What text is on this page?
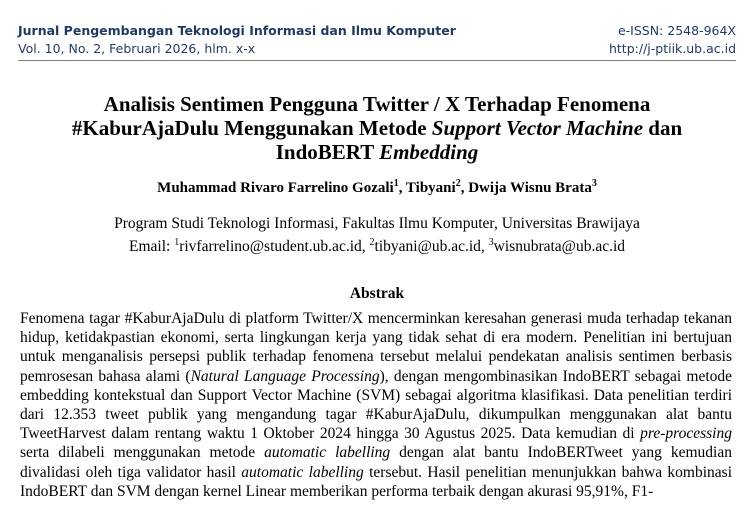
Jurnal Pengembangan Teknologi Informasi dan Ilmu Komputer	e-ISSN: 2548-964X
Vol. 10, No. 2, Februari 2026, hlm. x-x	http://j-ptiik.ub.ac.id
Analisis Sentimen Pengguna Twitter / X Terhadap Fenomena #KaburAjaDulu Menggunakan Metode Support Vector Machine dan IndoBERT Embedding
Muhammad Rivaro Farrelino Gozali$^1$, Tibyani$^2$, Dwija Wisnu Brata$^3$
Program Studi Teknologi Informasi, Fakultas Ilmu Komputer, Universitas Brawijaya
Email: $^1$rivfarrelino@student.ub.ac.id, $^2$tibyani@ub.ac.id, $^3$wisnubrata@ub.ac.id
Abstrak
Fenomena tagar #KaburAjaDulu di platform Twitter/X mencerminkan keresahan generasi muda terhadap tekanan hidup, ketidakpastian ekonomi, serta lingkungan kerja yang tidak sehat di era modern. Penelitian ini bertujuan untuk menganalisis persepsi publik terhadap fenomena tersebut melalui pendekatan analisis sentimen berbasis pemrosesan bahasa alami (Natural Language Processing), dengan mengombinasikan IndoBERT sebagai metode embedding kontekstual dan Support Vector Machine (SVM) sebagai algoritma klasifikasi. Data penelitian terdiri dari 12.353 tweet publik yang mengandung tagar #KaburAjaDulu, dikumpulkan menggunakan alat bantu TweetHarvest dalam rentang waktu 1 Oktober 2024 hingga 30 Agustus 2025. Data kemudian di pre-processing serta dilabeli menggunakan metode automatic labelling dengan alat bantu IndoBERTweet yang kemudian divalidasi oleh tiga validator hasil automatic labelling tersebut. Hasil penelitian menunjukkan bahwa kombinasi IndoBERT dan SVM dengan kernel Linear memberikan performa terbaik dengan akurasi 95,91%, F1-
